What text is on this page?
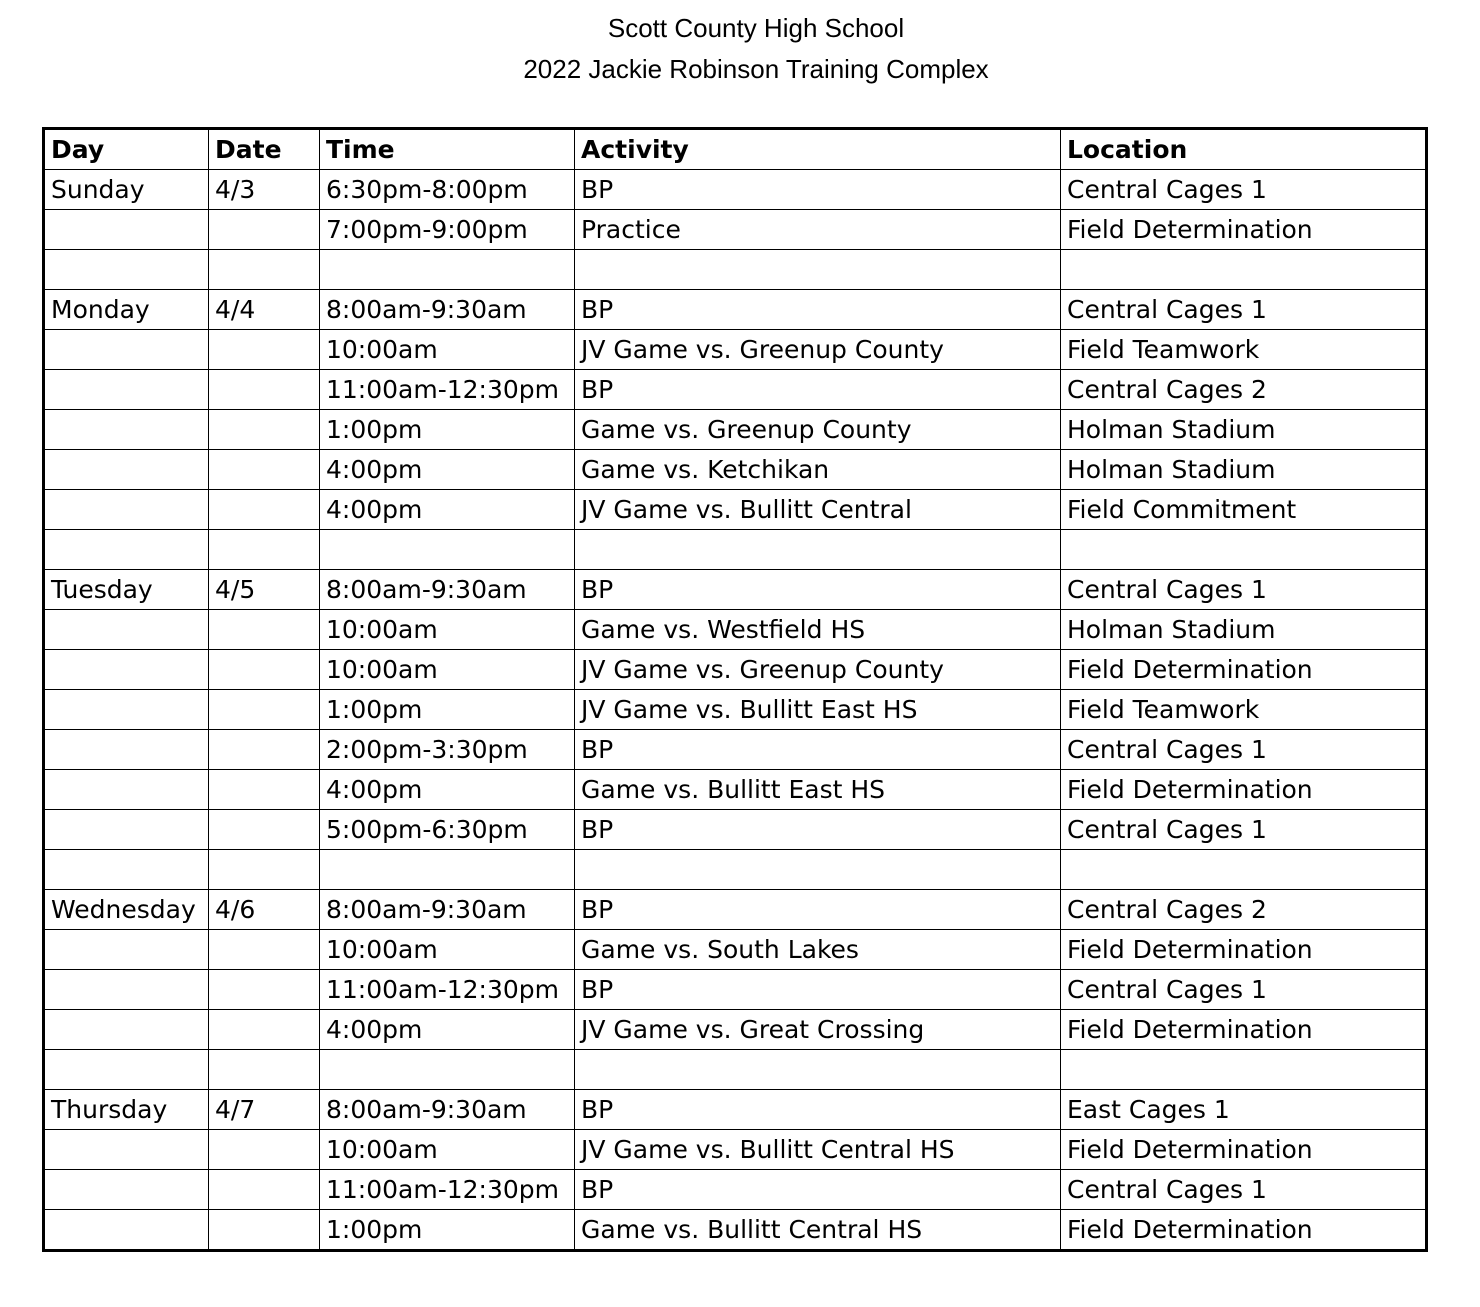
Scott County High School
2022 Jackie Robinson Training Complex
Day	Date	Time	Activity	Location
Sunday	4/3	6:30pm-8:00pm	BP	Central Cages 1
		7:00pm-9:00pm	Practice	Field Determination

Monday	4/4	8:00am-9:30am	BP	Central Cages 1
		10:00am	JV Game vs. Greenup County	Field Teamwork
		11:00am-12:30pm	BP	Central Cages 2
		1:00pm	Game vs. Greenup County	Holman Stadium
		4:00pm	Game vs. Ketchikan	Holman Stadium
		4:00pm	JV Game vs. Bullitt Central	Field Commitment

Tuesday	4/5	8:00am-9:30am	BP	Central Cages 1
		10:00am	Game vs. Westfield HS	Holman Stadium
		10:00am	JV Game vs. Greenup County	Field Determination
		1:00pm	JV Game vs. Bullitt East HS	Field Teamwork
		2:00pm-3:30pm	BP	Central Cages 1
		4:00pm	Game vs. Bullitt East HS	Field Determination
		5:00pm-6:30pm	BP	Central Cages 1

Wednesday	4/6	8:00am-9:30am	BP	Central Cages 2
		10:00am	Game vs. South Lakes	Field Determination
		11:00am-12:30pm	BP	Central Cages 1
		4:00pm	JV Game vs. Great Crossing	Field Determination

Thursday	4/7	8:00am-9:30am	BP	East Cages 1
		10:00am	JV Game vs. Bullitt Central HS	Field Determination
		11:00am-12:30pm	BP	Central Cages 1
		1:00pm	Game vs. Bullitt Central HS	Field Determination
